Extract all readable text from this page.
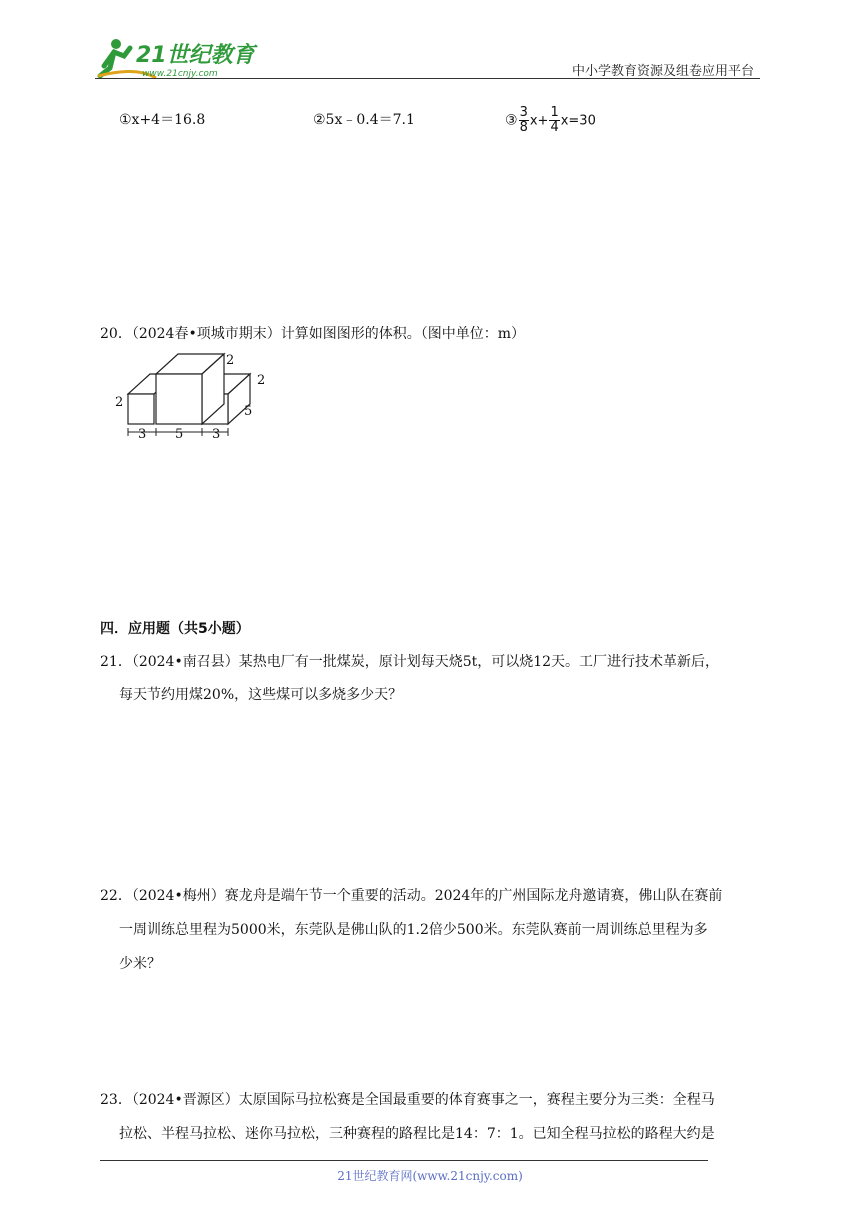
21世纪教育
www.21cnjy.com	中小学教育资源及组卷应用平台
①x+4＝16.8	②5x﹣0.4＝7.1	③ $\frac{3}{8} x+ \frac{1}{4} x=30$
20．（2024春•项城市期末）计算如图图形的体积。（图中单位：m）
2
2
2
5
3 5 3
四．应用题（共5小题）
21．（2024•南召县）某热电厂有一批煤炭，原计划每天烧5t，可以烧12天。工厂进行技术革新后，
每天节约用煤20%，这些煤可以多烧多少天？
22．（2024•梅州）赛龙舟是端午节一个重要的活动。2024年的广州国际龙舟邀请赛，佛山队在赛前
一周训练总里程为5000米，东莞队是佛山队的1.2倍少500米。东莞队赛前一周训练总里程为多
少米？
23．（2024•晋源区）太原国际马拉松赛是全国最重要的体育赛事之一，赛程主要分为三类：全程马
拉松、半程马拉松、迷你马拉松，三种赛程的路程比是14：7：1。已知全程马拉松的路程大约是
21世纪教育网(www.21cnjy.com)
